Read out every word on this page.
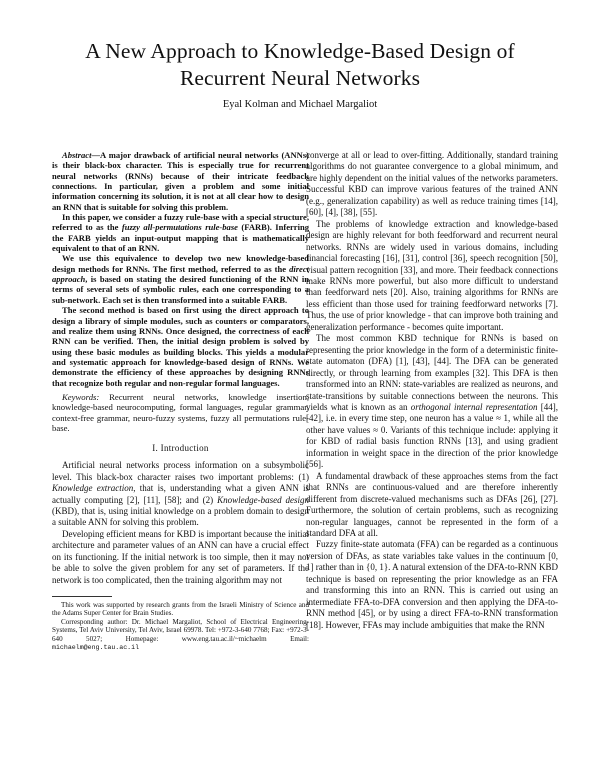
A New Approach to Knowledge-Based Design of
Recurrent Neural Networks
Eyal Kolman and Michael Margaliot

Abstract—A major drawback of artificial neural networks (ANNs) is their black-box character. This is especially true for recurrent neural networks (RNNs) because of their intricate feedback connections. In particular, given a problem and some initial information concerning its solution, it is not at all clear how to design an RNN that is suitable for solving this problem.

In this paper, we consider a fuzzy rule-base with a special structure, referred to as the fuzzy all-permutations rule-base (FARB). Inferring the FARB yields an input-output mapping that is mathematically equivalent to that of an RNN.

We use this equivalence to develop two new knowledge-based design methods for RNNs. The first method, referred to as the direct approach, is based on stating the desired functioning of the RNN in terms of several sets of symbolic rules, each one corresponding to a sub-network. Each set is then transformed into a suitable FARB.

The second method is based on first using the direct approach to design a library of simple modules, such as counters or comparators, and realize them using RNNs. Once designed, the correctness of each RNN can be verified. Then, the initial design problem is solved by using these basic modules as building blocks. This yields a modular and systematic approach for knowledge-based design of RNNs. We demonstrate the efficiency of these approaches by designing RNNs that recognize both regular and non-regular formal languages.

Keywords: Recurrent neural networks, knowledge insertion, knowledge-based neurocomputing, formal languages, regular grammar, context-free grammar, neuro-fuzzy systems, fuzzy all permutations rule-base.

I. Introduction

Artificial neural networks process information on a subsymbolic level. This black-box character raises two important problems: (1) Knowledge extraction, that is, understanding what a given ANN is actually computing [2], [11], [58]; and (2) Knowledge-based design (KBD), that is, using initial knowledge on a problem domain to design a suitable ANN for solving this problem.

Developing efficient means for KBD is important because the initial architecture and parameter values of an ANN can have a crucial effect on its functioning. If the initial network is too simple, then it may not be able to solve the given problem for any set of parameters. If the network is too complicated, then the training algorithm may not

This work was supported by research grants from the Israeli Ministry of Science and the Adams Super Center for Brain Studies.

Corresponding author: Dr. Michael Margaliot, School of Electrical Engineering-Systems, Tel Aviv University, Tel Aviv, Israel 69978. Tel: +972-3-640 7768; Fax: +972-3-640 5027; Homepage: www.eng.tau.ac.il/~michaelm Email: michaelm@eng.tau.ac.il

converge at all or lead to over-fitting. Additionally, standard training algorithms do not guarantee convergence to a global minimum, and are highly dependent on the initial values of the networks parameters. Successful KBD can improve various features of the trained ANN (e.g., generalization capability) as well as reduce training times [14], [60], [4], [38], [55].

The problems of knowledge extraction and knowledge-based design are highly relevant for both feedforward and recurrent neural networks. RNNs are widely used in various domains, including financial forecasting [16], [31], control [36], speech recognition [50], visual pattern recognition [33], and more. Their feedback connections make RNNs more powerful, but also more difficult to understand than feedforward nets [20]. Also, training algorithms for RNNs are less efficient than those used for training feedforward networks [7]. Thus, the use of prior knowledge - that can improve both training and generalization performance - becomes quite important.

The most common KBD technique for RNNs is based on representing the prior knowledge in the form of a deterministic finite-state automaton (DFA) [1], [43], [44]. The DFA can be generated directly, or through learning from examples [32]. This DFA is then transformed into an RNN: state-variables are realized as neurons, and state-transitions by suitable connections between the neurons. This yields what is known as an orthogonal internal representation [44], [42], i.e. in every time step, one neuron has a value ≈ 1, while all the other have values ≈ 0. Variants of this technique include: applying it for KBD of radial basis function RNNs [13], and using gradient information in weight space in the direction of the prior knowledge [56].

A fundamental drawback of these approaches stems from the fact that RNNs are continuous-valued and are therefore inherently different from discrete-valued mechanisms such as DFAs [26], [27]. Furthermore, the solution of certain problems, such as recognizing non-regular languages, cannot be represented in the form of a standard DFA at all.

Fuzzy finite-state automata (FFA) can be regarded as a continuous version of DFAs, as state variables take values in the continuum [0, 1] rather than in {0, 1}. A natural extension of the DFA-to-RNN KBD technique is based on representing the prior knowledge as an FFA and transforming this into an RNN. This is carried out using an intermediate FFA-to-DFA conversion and then applying the DFA-to-RNN method [45], or by using a direct FFA-to-RNN transformation [18]. However, FFAs may include ambiguities that make the RNN
